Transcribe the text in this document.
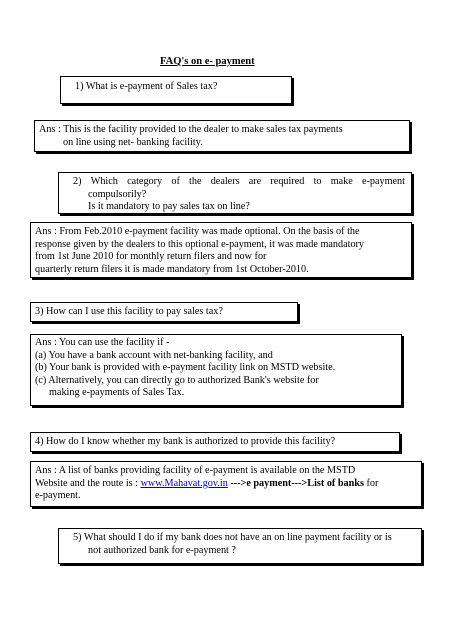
FAQ's on e- payment
1) What is e-payment of Sales tax?
Ans : This is the facility provided to the dealer to make sales tax payments
on line using net- banking facility.
2) Which category of the dealers are required to make e-payment
compulsorily?
Is it mandatory to pay sales tax on line?
Ans : From Feb.2010 e-payment facility was made optional. On the basis of the
response given by the dealers to this optional e-payment, it was made mandatory
from 1st June 2010 for monthly return filers and now for
quarterly return filers it is made mandatory from 1st October-2010.
3) How can I use this facility to pay sales tax?
Ans : You can use the facility if -
(a) You have a bank account with net-banking facility, and
(b) Your bank is provided with e-payment facility link on MSTD website.
(c) Alternatively, you can directly go to authorized Bank's website for
making e-payments of Sales Tax.
4) How do I know whether my bank is authorized to provide this facility?
Ans : A list of banks providing facility of e-payment is available on the MSTD
Website and the route is : www.Mahavat.gov.in --->e payment--->List of banks for
e-payment.
5) What should I do if my bank does not have an on line payment facility or is
not authorized bank for e-payment ?
